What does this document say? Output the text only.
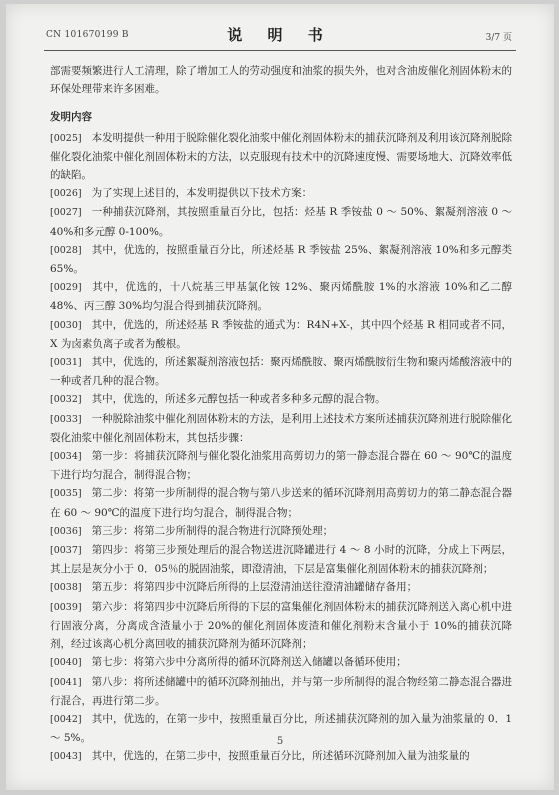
CN 101670199 B	说 明 书	3/7 页

部需要频繁进行人工清理，除了增加工人的劳动强度和油浆的损失外，也对含油废催化剂固体粉末的环保处理带来许多困难。

发明内容

[0025] 本发明提供一种用于脱除催化裂化油浆中催化剂固体粉末的捕获沉降剂及利用该沉降剂脱除催化裂化油浆中催化剂固体粉末的方法，以克服现有技术中的沉降速度慢、需要场地大、沉降效率低的缺陷。

[0026] 为了实现上述目的，本发明提供以下技术方案：

[0027] 一种捕获沉降剂，其按照重量百分比，包括：烃基 R 季铵盐 0 ～ 50%、絮凝剂溶液 0 ～ 40%和多元醇 0-100%。

[0028] 其中，优选的，按照重量百分比，所述烃基 R 季铵盐 25%、絮凝剂溶液 10%和多元醇类 65%。

[0029] 其中，优选的，十八烷基三甲基氯化铵 12%、聚丙烯酰胺 1%的水溶液 10%和乙二醇 48%、丙三醇 30%均匀混合得到捕获沉降剂。

[0030] 其中，优选的，所述烃基 R 季铵盐的通式为：R4N+X-，其中四个烃基 R 相同或者不同，X 为卤素负离子或者为酸根。

[0031] 其中，优选的，所述絮凝剂溶液包括：聚丙烯酰胺、聚丙烯酰胺衍生物和聚丙烯酸溶液中的一种或者几种的混合物。

[0032] 其中，优选的，所述多元醇包括一种或者多种多元醇的混合物。

[0033] 一种脱除油浆中催化剂固体粉末的方法，是利用上述技术方案所述捕获沉降剂进行脱除催化裂化油浆中催化剂固体粉末，其包括步骤：

[0034] 第一步：将捕获沉降剂与催化裂化油浆用高剪切力的第一静态混合器在 60 ～ 90℃的温度下进行均匀混合，制得混合物；

[0035] 第二步：将第一步所制得的混合物与第八步送来的循环沉降剂用高剪切力的第二静态混合器在 60 ～ 90℃的温度下进行均匀混合，制得混合物；

[0036] 第三步：将第二步所制得的混合物进行沉降预处理；

[0037] 第四步：将第三步预处理后的混合物送进沉降罐进行 4 ～ 8 小时的沉降，分成上下两层，其上层是灰分小于 0．05％的脱固油浆，即澄清油，下层是富集催化剂固体粉末的捕获沉降剂；

[0038] 第五步：将第四步中沉降后所得的上层澄清油送往澄清油罐储存备用；

[0039] 第六步：将第四步中沉降后所得的下层的富集催化剂固体粉末的捕获沉降剂送入离心机中进行固液分离，分离成含渣量小于 20%的催化剂固体废渣和催化剂粉末含量小于 10%的捕获沉降剂，经过该离心机分离回收的捕获沉降剂为循环沉降剂；

[0040] 第七步：将第六步中分离所得的循环沉降剂送入储罐以备循环使用；

[0041] 第八步：将所述储罐中的循环沉降剂抽出，并与第一步所制得的混合物经第二静态混合器进行混合，再进行第二步。

[0042] 其中，优选的，在第一步中，按照重量百分比，所述捕获沉降剂的加入量为油浆量的 0．1 ～ 5%。

[0043] 其中，优选的，在第二步中，按照重量百分比，所述循环沉降剂加入量为油浆量的

5
